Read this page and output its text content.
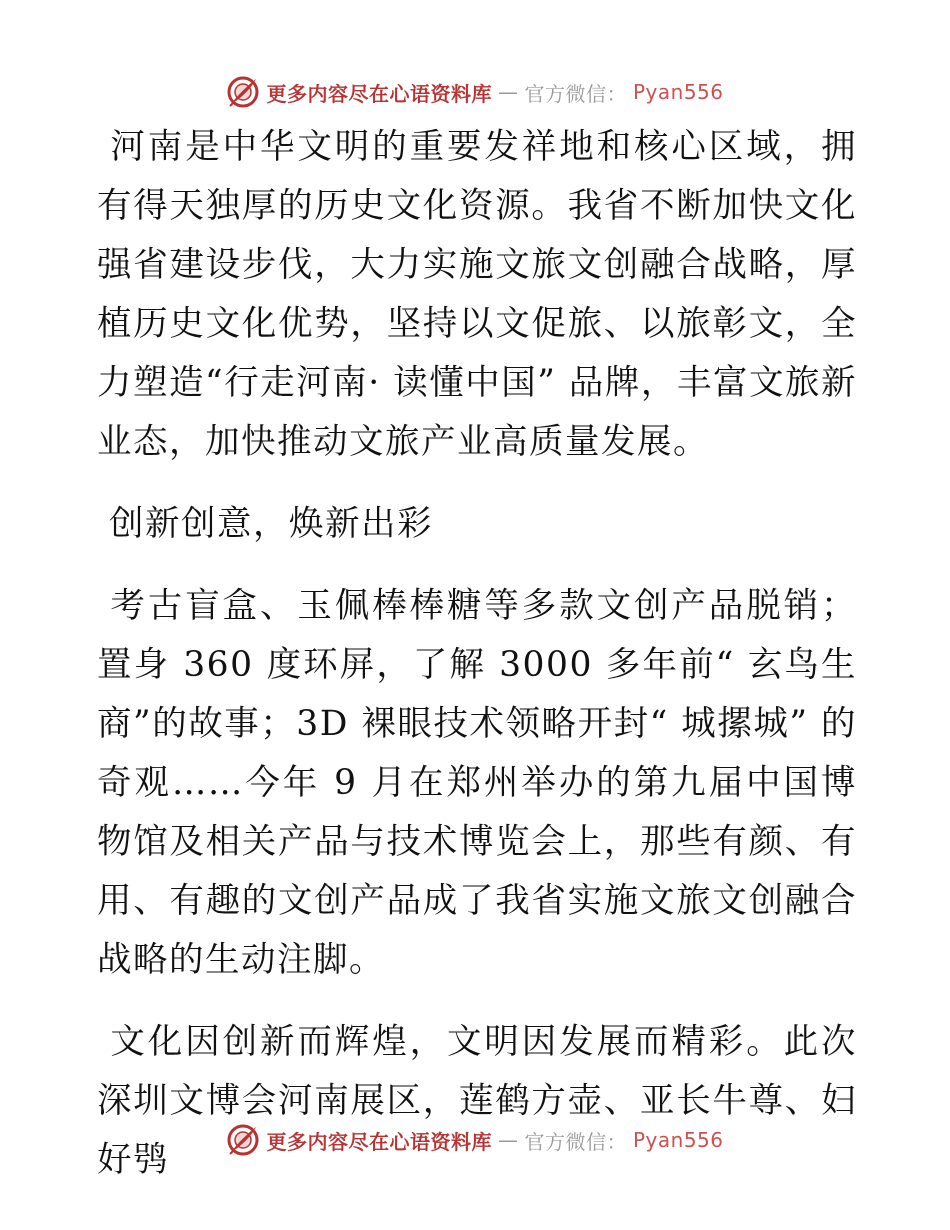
更多内容尽在心语资料库 — 官方微信： Pyan556

河南是中华文明的重要发祥地和核心区域，拥有得天独厚的历史文化资源。我省不断加快文化强省建设步伐，大力实施文旅文创融合战略，厚植历史文化优势，坚持以文促旅、以旅彰文，全力塑造“行走河南· 读懂中国” 品牌，丰富文旅新业态，加快推动文旅产业高质量发展。

创新创意，焕新出彩

考古盲盒、玉佩棒棒糖等多款文创产品脱销；置身 360 度环屏，了解 3000 多年前“ 玄鸟生商”的故事；3D 裸眼技术领略开封“ 城摞城” 的奇观……今年 9 月在郑州举办的第九届中国博物馆及相关产品与技术博览会上，那些有颜、有用、有趣的文创产品成了我省实施文旅文创融合战略的生动注脚。

文化因创新而辉煌，文明因发展而精彩。此次深圳文博会河南展区，莲鹤方壶、亚长牛尊、妇好鸮	更多内容尽在心语资料库 — 官方微信： Pyan556
